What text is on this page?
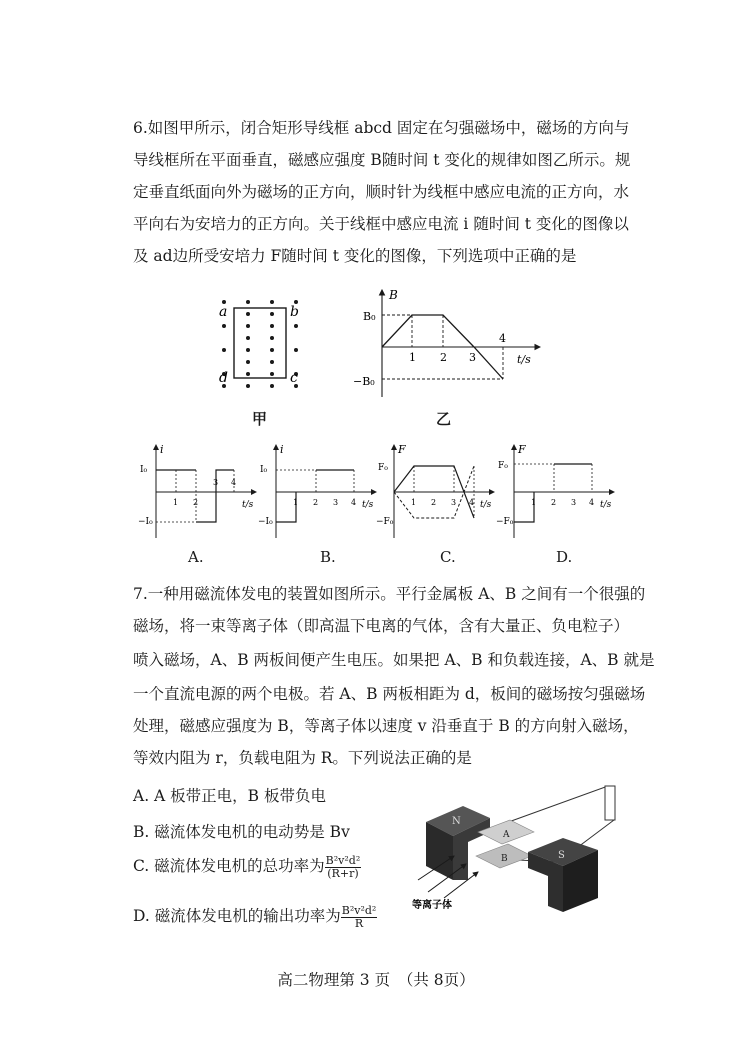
6.如图甲所示，闭合矩形导线框 abcd 固定在匀强磁场中，磁场的方向与
导线框所在平面垂直，磁感应强度 B随时间 t 变化的规律如图乙所示。规
定垂直纸面向外为磁场的正方向，顺时针为线框中感应电流的正方向，水
平向右为安培力的正方向。关于线框中感应电流 i 随时间 t 变化的图像以
及 ad边所受安培力 F随时间 t 变化的图像，下列选项中正确的是
a	b
d	c
甲
B
t/s
B₀
−B₀
1 2 3
4
乙
i
t/s
I₀
−I₀
1 2
3 4
i
t/s
I₀
−I₀
1 2 3 4
F
t/s
F₀
−F₀
1 2 3 4
F
t/s
F₀
−F₀
1 2 3 4
A.	B.	C.	D.
7.一种用磁流体发电的装置如图所示。平行金属板 A、B 之间有一个很强的
磁场，将一束等离子体（即高温下电离的气体，含有大量正、负电粒子）
喷入磁场，A、B 两板间便产生电压。如果把 A、B 和负载连接，A、B 就是
一个直流电源的两个电极。若 A、B 两板相距为 d，板间的磁场按匀强磁场
处理，磁感应强度为 B，等离子体以速度 v 沿垂直于 B 的方向射入磁场，
等效内阻为 r，负载电阻为 R。下列说法正确的是
A. A 板带正电，B 板带负电
B. 磁流体发电机的电动势是 Bv
C. 磁流体发电机的总功率为 $\frac{\text{B²v²d²}}{(R+r)}$
D. 磁流体发电机的输出功率为 $\frac{\text{B²v²d²}}{R}$
N
A
B	S
等离子体
高二物理第 3 页　（共 8页）
